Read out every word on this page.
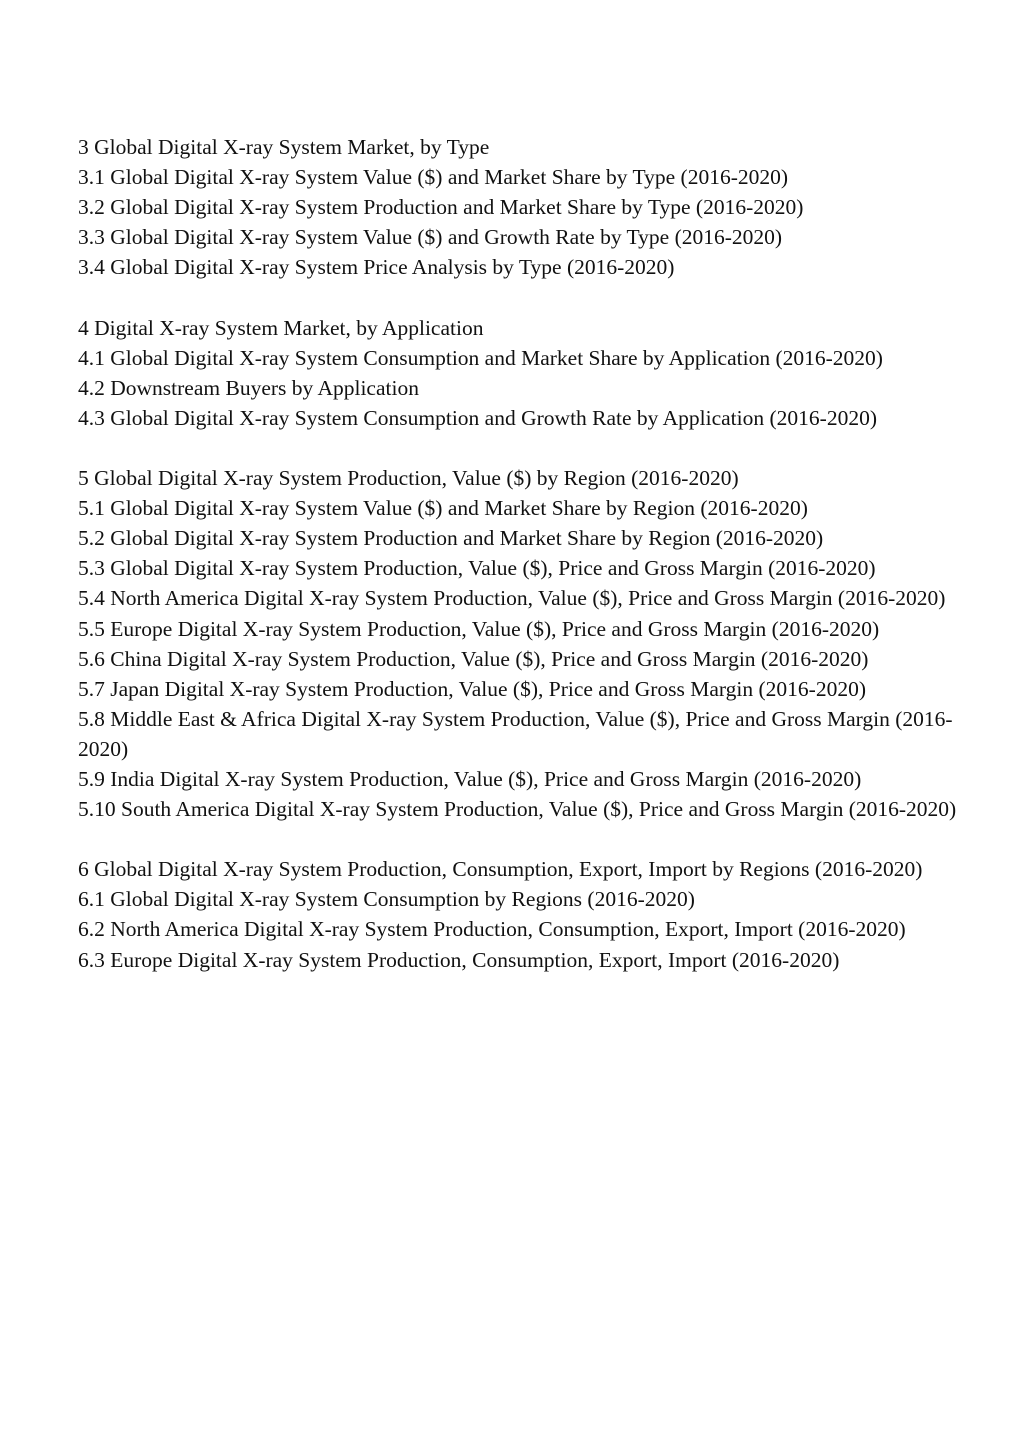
3 Global Digital X-ray System Market, by Type
3.1 Global Digital X-ray System Value ($) and Market Share by Type (2016-2020)
3.2 Global Digital X-ray System Production and Market Share by Type (2016-2020)
3.3 Global Digital X-ray System Value ($) and Growth Rate by Type (2016-2020)
3.4 Global Digital X-ray System Price Analysis by Type (2016-2020)
4 Digital X-ray System Market, by Application
4.1 Global Digital X-ray System Consumption and Market Share by Application (2016-2020)
4.2 Downstream Buyers by Application
4.3 Global Digital X-ray System Consumption and Growth Rate by Application (2016-2020)
5 Global Digital X-ray System Production, Value ($) by Region (2016-2020)
5.1 Global Digital X-ray System Value ($) and Market Share by Region (2016-2020)
5.2 Global Digital X-ray System Production and Market Share by Region (2016-2020)
5.3 Global Digital X-ray System Production, Value ($), Price and Gross Margin (2016-2020)
5.4 North America Digital X-ray System Production, Value ($), Price and Gross Margin (2016-2020)
5.5 Europe Digital X-ray System Production, Value ($), Price and Gross Margin (2016-2020)
5.6 China Digital X-ray System Production, Value ($), Price and Gross Margin (2016-2020)
5.7 Japan Digital X-ray System Production, Value ($), Price and Gross Margin (2016-2020)
5.8 Middle East & Africa Digital X-ray System Production, Value ($), Price and Gross Margin (2016-2020)
5.9 India Digital X-ray System Production, Value ($), Price and Gross Margin (2016-2020)
5.10 South America Digital X-ray System Production, Value ($), Price and Gross Margin (2016-2020)
6 Global Digital X-ray System Production, Consumption, Export, Import by Regions (2016-2020)
6.1 Global Digital X-ray System Consumption by Regions (2016-2020)
6.2 North America Digital X-ray System Production, Consumption, Export, Import (2016-2020)
6.3 Europe Digital X-ray System Production, Consumption, Export, Import (2016-2020)
